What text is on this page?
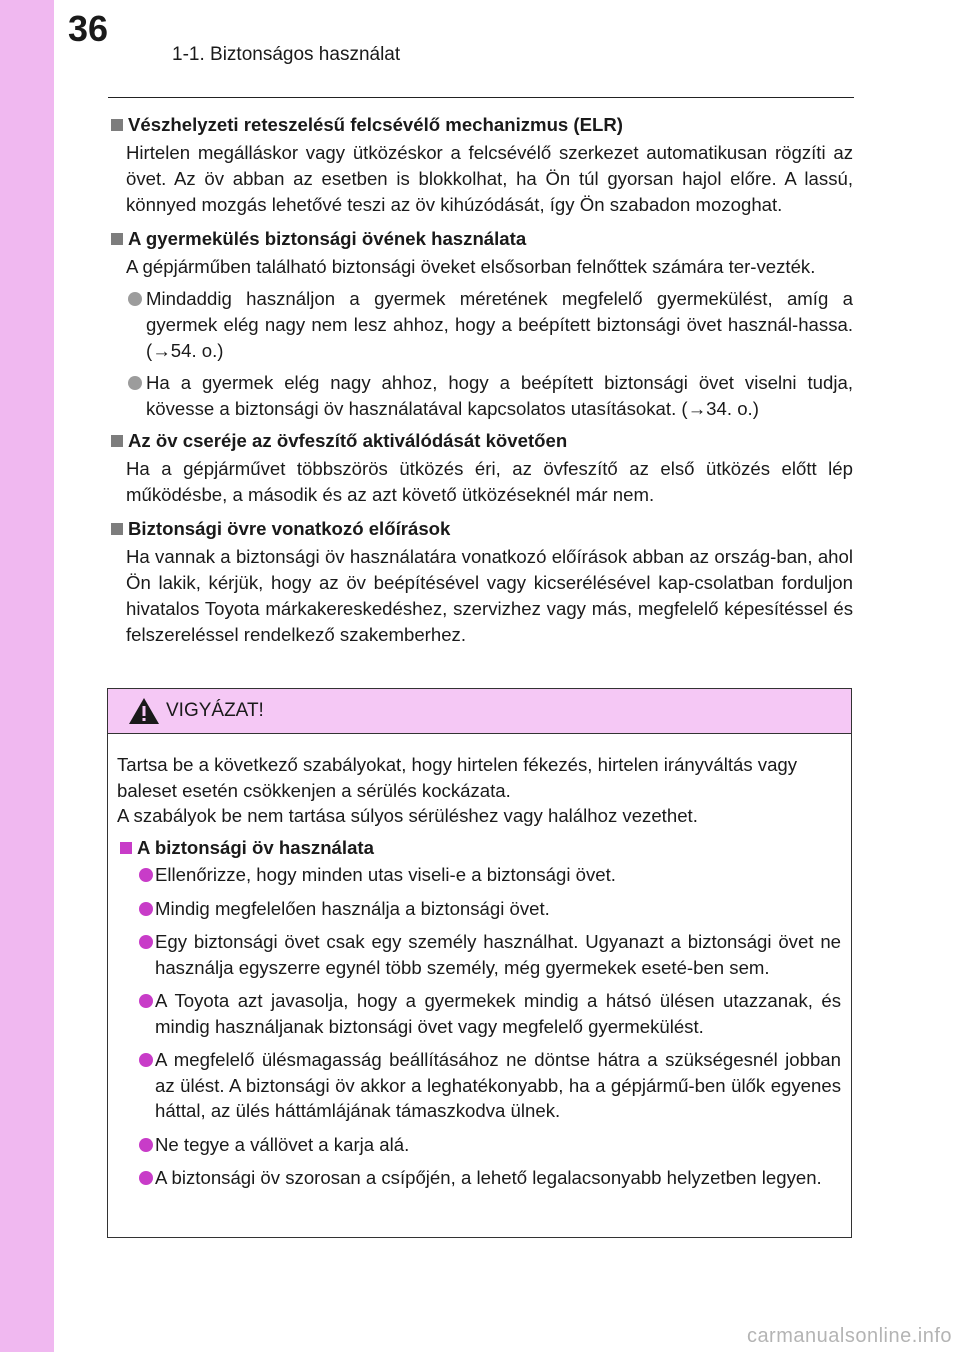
36
1-1. Biztonságos használat
Vészhelyzeti reteszelésű felcsévélő mechanizmus (ELR)
Hirtelen megálláskor vagy ütközéskor a felcsévélő szerkezet automatikusan rögzíti az övet. Az öv abban az esetben is blokkolhat, ha Ön túl gyorsan hajol előre. A lassú, könnyed mozgás lehetővé teszi az öv kihúzódását, így Ön szabadon mozoghat.
A gyermekülés biztonsági övének használata
A gépjárműben található biztonsági öveket elsősorban felnőttek számára ter-vezték.
Mindaddig használjon a gyermek méretének megfelelő gyermekülést, amíg a gyermek elég nagy nem lesz ahhoz, hogy a beépített biztonsági övet használ-hassa. (→54. o.)
Ha a gyermek elég nagy ahhoz, hogy a beépített biztonsági övet viselni tudja, kövesse a biztonsági öv használatával kapcsolatos utasításokat. (→34. o.)
Az öv cseréje az övfeszítő aktiválódását követően
Ha a gépjárművet többszörös ütközés éri, az övfeszítő az első ütközés előtt lép működésbe, a második és az azt követő ütközéseknél már nem.
Biztonsági övre vonatkozó előírások
Ha vannak a biztonsági öv használatára vonatkozó előírások abban az ország-ban, ahol Ön lakik, kérjük, hogy az öv beépítésével vagy kicserélésével kap-csolatban forduljon hivatalos Toyota márkakereskedéshez, szervizhez vagy más, megfelelő képesítéssel és felszereléssel rendelkező szakemberhez.
VIGYÁZAT!
Tartsa be a következő szabályokat, hogy hirtelen fékezés, hirtelen irányváltás vagy baleset esetén csökkenjen a sérülés kockázata.
A szabályok be nem tartása súlyos sérüléshez vagy halálhoz vezethet.
A biztonsági öv használata
Ellenőrizze, hogy minden utas viseli-e a biztonsági övet.
Mindig megfelelően használja a biztonsági övet.
Egy biztonsági övet csak egy személy használhat. Ugyanazt a biztonsági övet ne használja egyszerre egynél több személy, még gyermekek eseté-ben sem.
A Toyota azt javasolja, hogy a gyermekek mindig a hátsó ülésen utazzanak, és mindig használjanak biztonsági övet vagy megfelelő gyermekülést.
A megfelelő ülésmagasság beállításához ne döntse hátra a szükségesnél jobban az ülést. A biztonsági öv akkor a leghatékonyabb, ha a gépjármű-ben ülők egyenes háttal, az ülés háttámlájának támaszkodva ülnek.
Ne tegye a vállövet a karja alá.
A biztonsági öv szorosan a csípőjén, a lehető legalacsonyabb helyzetben legyen.
carmanualsonline.info
